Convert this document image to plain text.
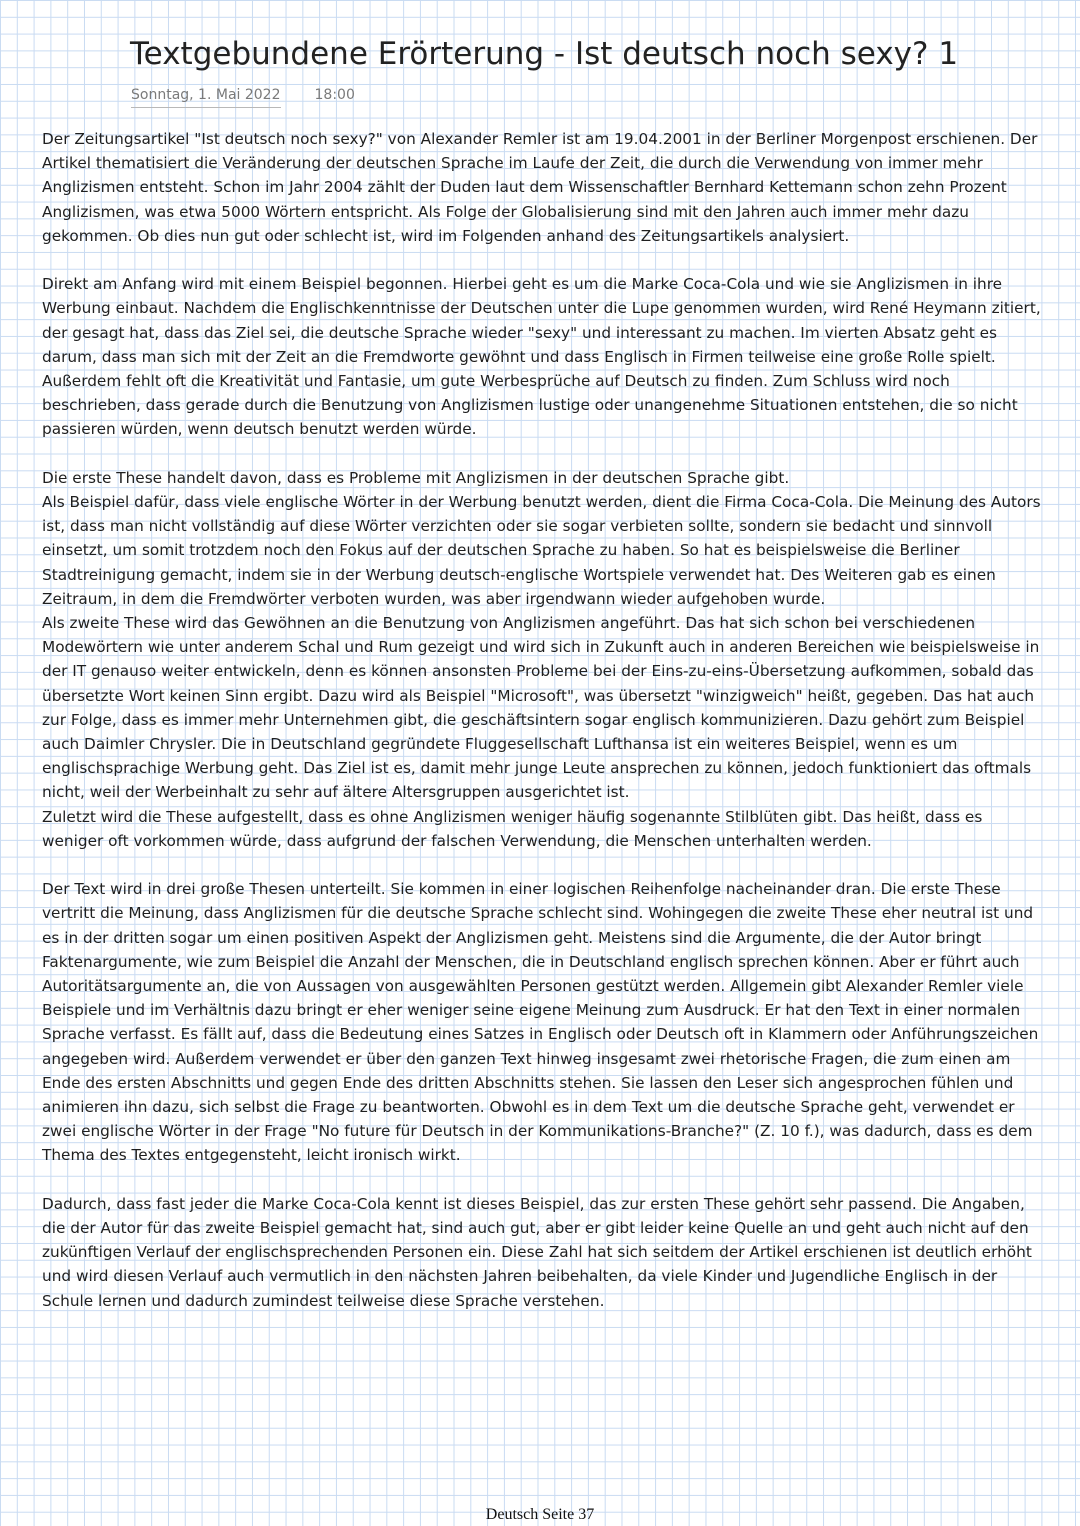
Textgebundene Erörterung - Ist deutsch noch sexy? 1
Sonntag, 1. Mai 2022 18:00

Der Zeitungsartikel "Ist deutsch noch sexy?" von Alexander Remler ist am 19.04.2001 in der Berliner Morgenpost erschienen. Der Artikel thematisiert die Veränderung der deutschen Sprache im Laufe der Zeit, die durch die Verwendung von immer mehr Anglizismen entsteht. Schon im Jahr 2004 zählt der Duden laut dem Wissenschaftler Bernhard Kettemann schon zehn Prozent Anglizismen, was etwa 5000 Wörtern entspricht. Als Folge der Globalisierung sind mit den Jahren auch immer mehr dazu gekommen. Ob dies nun gut oder schlecht ist, wird im Folgenden anhand des Zeitungsartikels analysiert.

Direkt am Anfang wird mit einem Beispiel begonnen. Hierbei geht es um die Marke Coca-Cola und wie sie Anglizismen in ihre Werbung einbaut. Nachdem die Englischkenntnisse der Deutschen unter die Lupe genommen wurden, wird René Heymann zitiert, der gesagt hat, dass das Ziel sei, die deutsche Sprache wieder "sexy" und interessant zu machen. Im vierten Absatz geht es darum, dass man sich mit der Zeit an die Fremdworte gewöhnt und dass Englisch in Firmen teilweise eine große Rolle spielt. Außerdem fehlt oft die Kreativität und Fantasie, um gute Werbesprüche auf Deutsch zu finden. Zum Schluss wird noch beschrieben, dass gerade durch die Benutzung von Anglizismen lustige oder unangenehme Situationen entstehen, die so nicht passieren würden, wenn deutsch benutzt werden würde.

Die erste These handelt davon, dass es Probleme mit Anglizismen in der deutschen Sprache gibt.

Als Beispiel dafür, dass viele englische Wörter in der Werbung benutzt werden, dient die Firma Coca-Cola. Die Meinung des Autors ist, dass man nicht vollständig auf diese Wörter verzichten oder sie sogar verbieten sollte, sondern sie bedacht und sinnvoll einsetzt, um somit trotzdem noch den Fokus auf der deutschen Sprache zu haben. So hat es beispielsweise die Berliner Stadtreinigung gemacht, indem sie in der Werbung deutsch-englische Wortspiele verwendet hat. Des Weiteren gab es einen Zeitraum, in dem die Fremdwörter verboten wurden, was aber irgendwann wieder aufgehoben wurde.

Als zweite These wird das Gewöhnen an die Benutzung von Anglizismen angeführt. Das hat sich schon bei verschiedenen Modewörtern wie unter anderem Schal und Rum gezeigt und wird sich in Zukunft auch in anderen Bereichen wie beispielsweise in der IT genauso weiter entwickeln, denn es können ansonsten Probleme bei der Eins-zu-eins-Übersetzung aufkommen, sobald das übersetzte Wort keinen Sinn ergibt. Dazu wird als Beispiel "Microsoft", was übersetzt "winzigweich" heißt, gegeben. Das hat auch zur Folge, dass es immer mehr Unternehmen gibt, die geschäftsintern sogar englisch kommunizieren. Dazu gehört zum Beispiel auch Daimler Chrysler. Die in Deutschland gegründete Fluggesellschaft Lufthansa ist ein weiteres Beispiel, wenn es um englischsprachige Werbung geht. Das Ziel ist es, damit mehr junge Leute ansprechen zu können, jedoch funktioniert das oftmals nicht, weil der Werbeinhalt zu sehr auf ältere Altersgruppen ausgerichtet ist.

Zuletzt wird die These aufgestellt, dass es ohne Anglizismen weniger häufig sogenannte Stilblüten gibt. Das heißt, dass es weniger oft vorkommen würde, dass aufgrund der falschen Verwendung, die Menschen unterhalten werden.

Der Text wird in drei große Thesen unterteilt. Sie kommen in einer logischen Reihenfolge nacheinander dran. Die erste These vertritt die Meinung, dass Anglizismen für die deutsche Sprache schlecht sind. Wohingegen die zweite These eher neutral ist und es in der dritten sogar um einen positiven Aspekt der Anglizismen geht. Meistens sind die Argumente, die der Autor bringt Faktenargumente, wie zum Beispiel die Anzahl der Menschen, die in Deutschland englisch sprechen können. Aber er führt auch Autoritätsargumente an, die von Aussagen von ausgewählten Personen gestützt werden. Allgemein gibt Alexander Remler viele Beispiele und im Verhältnis dazu bringt er eher weniger seine eigene Meinung zum Ausdruck. Er hat den Text in einer normalen Sprache verfasst. Es fällt auf, dass die Bedeutung eines Satzes in Englisch oder Deutsch oft in Klammern oder Anführungszeichen angegeben wird. Außerdem verwendet er über den ganzen Text hinweg insgesamt zwei rhetorische Fragen, die zum einen am Ende des ersten Abschnitts und gegen Ende des dritten Abschnitts stehen. Sie lassen den Leser sich angesprochen fühlen und animieren ihn dazu, sich selbst die Frage zu beantworten. Obwohl es in dem Text um die deutsche Sprache geht, verwendet er zwei englische Wörter in der Frage "No future für Deutsch in der Kommunikations-Branche?" (Z. 10 f.), was dadurch, dass es dem Thema des Textes entgegensteht, leicht ironisch wirkt.

Dadurch, dass fast jeder die Marke Coca-Cola kennt ist dieses Beispiel, das zur ersten These gehört sehr passend. Die Angaben, die der Autor für das zweite Beispiel gemacht hat, sind auch gut, aber er gibt leider keine Quelle an und geht auch nicht auf den zukünftigen Verlauf der englischsprechenden Personen ein. Diese Zahl hat sich seitdem der Artikel erschienen ist deutlich erhöht und wird diesen Verlauf auch vermutlich in den nächsten Jahren beibehalten, da viele Kinder und Jugendliche Englisch in der Schule lernen und dadurch zumindest teilweise diese Sprache verstehen.

Deutsch Seite 37
